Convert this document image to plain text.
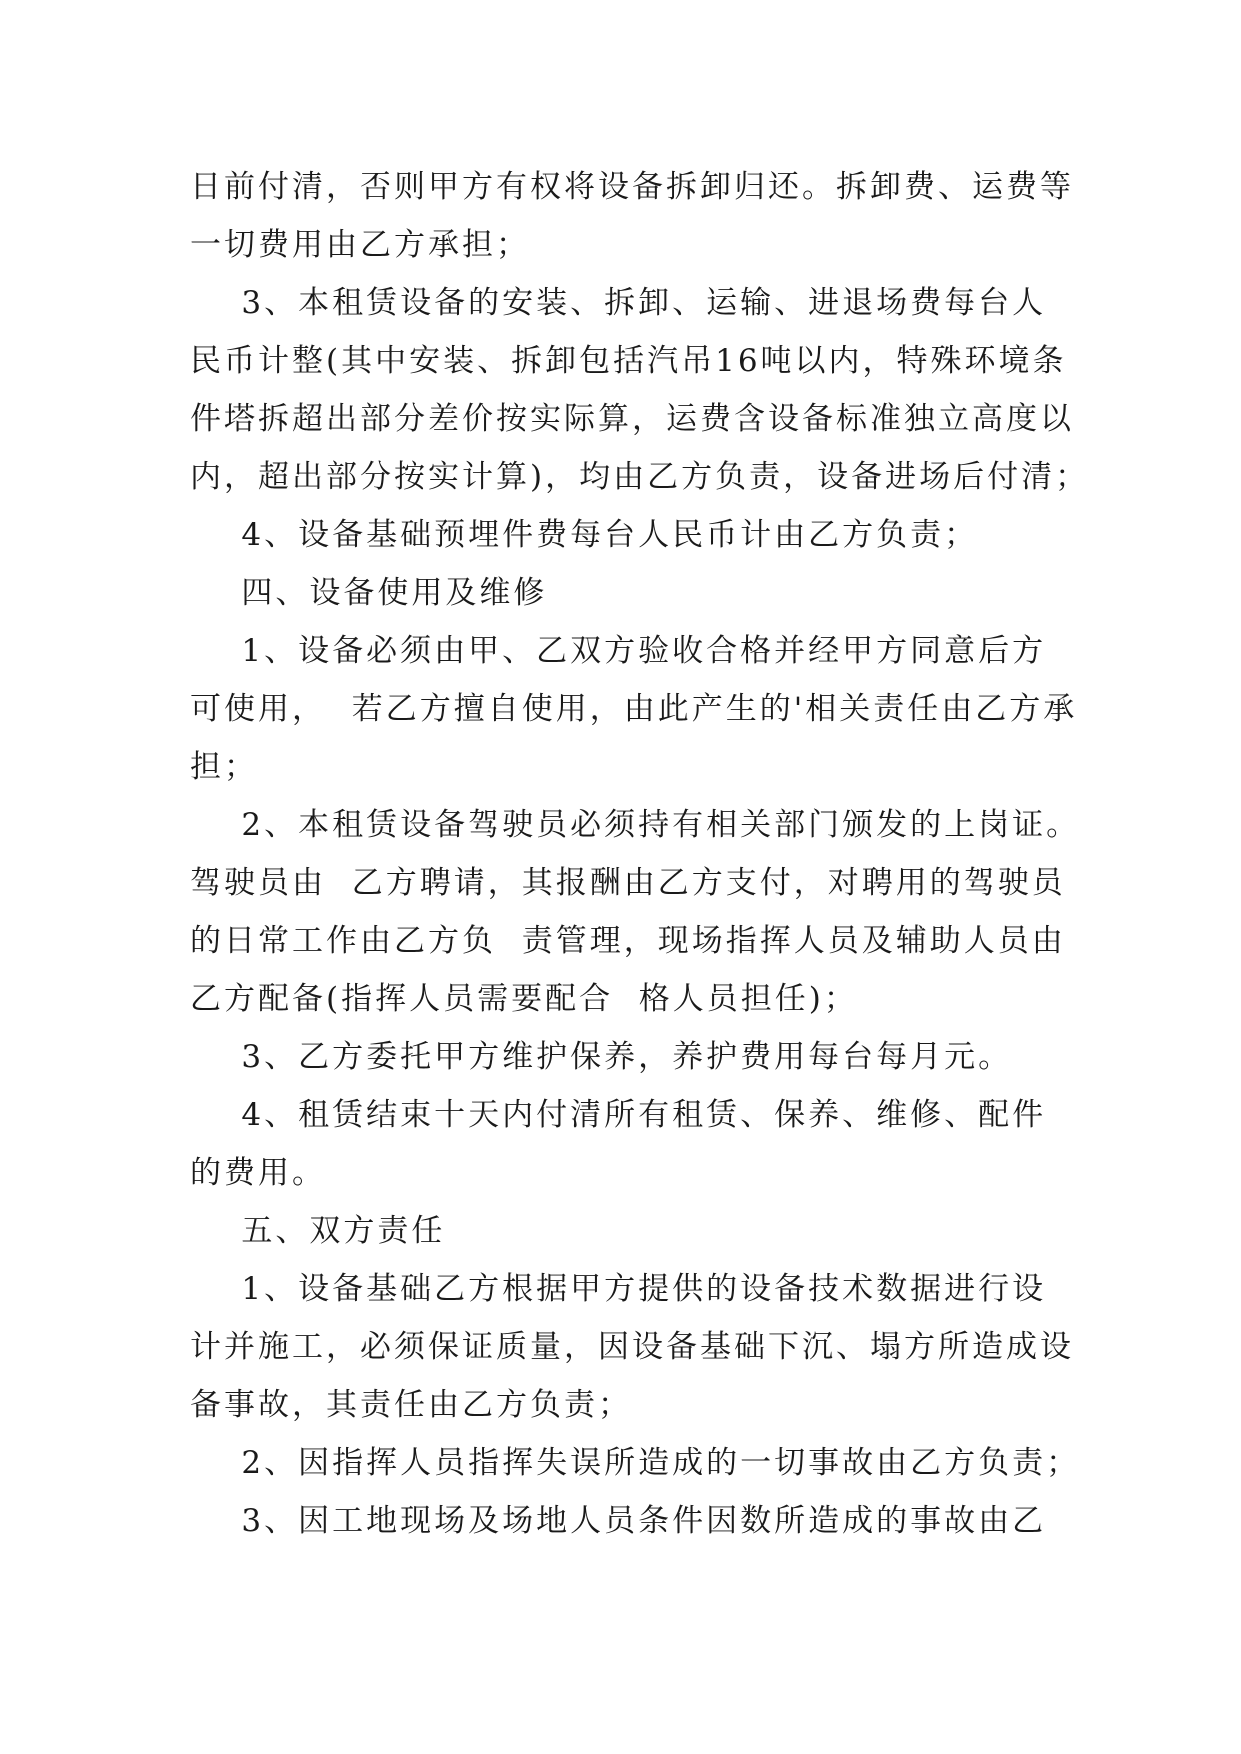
日前付清，否则甲方有权将设备拆卸归还。拆卸费、运费等
一切费用由乙方承担；
3、本租赁设备的安装、拆卸、运输、进退场费每台人
民币计整(其中安装、拆卸包括汽吊16吨以内，特殊环境条
件塔拆超出部分差价按实际算，运费含设备标准独立高度以
内，超出部分按实计算)，均由乙方负责，设备进场后付清；
4、设备基础预埋件费每台人民币计由乙方负责；
四、设备使用及维修
1、设备必须由甲、乙双方验收合格并经甲方同意后方
可使用，  若乙方擅自使用，由此产生的'相关责任由乙方承
担；
2、本租赁设备驾驶员必须持有相关部门颁发的上岗证。
驾驶员由  乙方聘请，其报酬由乙方支付，对聘用的驾驶员
的日常工作由乙方负  责管理，现场指挥人员及辅助人员由
乙方配备(指挥人员需要配合  格人员担任)；
3、乙方委托甲方维护保养，养护费用每台每月元。
4、租赁结束十天内付清所有租赁、保养、维修、配件
的费用。
五、双方责任
1、设备基础乙方根据甲方提供的设备技术数据进行设
计并施工，必须保证质量，因设备基础下沉、塌方所造成设
备事故，其责任由乙方负责；
2、因指挥人员指挥失误所造成的一切事故由乙方负责；
3、因工地现场及场地人员条件因数所造成的事故由乙
